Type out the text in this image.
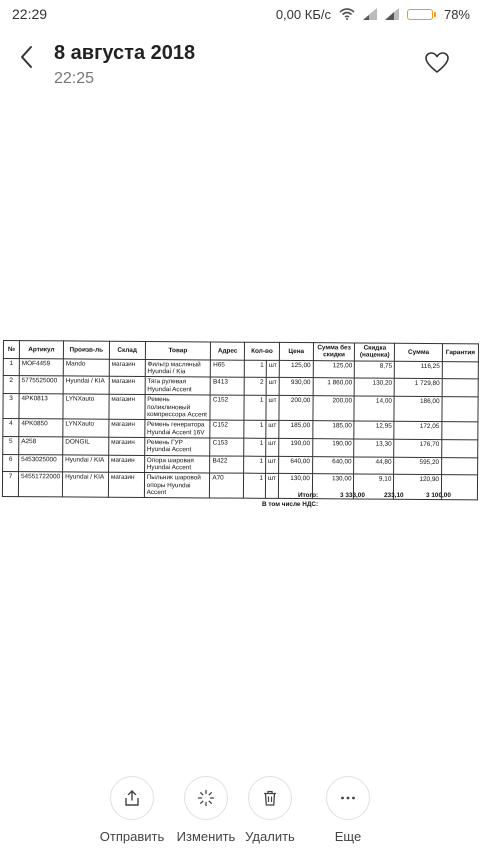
22:29	0,00 КБ/с	78%
8 августа 2018
22:25
№	Артикул	Произв-ль	Склад	Товар	Адрес	Кол-во		Цена	Сумма без скидки	Скидка (наценка)	Сумма	Гарантия
1	MOF4459	Mando	магазин	Фильтр масляный Hyundai / Kia	H65	1	шт	125,00	125,00	8,75	116,25	
2	5775525000	Hyundai / KIA	магазин	Тяга рулевая Hyundai Accent	B413	2	шт	930,00	1 860,00	130,20	1 729,80	
3	4PK0813	LYNXauto	магазин	Ремень поликлиновый компрессора Accent	C152	1	шт	200,00	200,00	14,00	186,00	
4	4PK0850	LYNXauto	магазин	Ремень генератора Hyundai Accent 16V	C152	1	шт	185,00	185,00	12,95	172,05	
5	A258	DONGIL	магазин	Ремень ГУР Hyundai Accent	C153	1	шт	190,00	190,00	13,30	176,70	
6	5453025000	Hyundai / KIA	магазин	Опора шаровая Hyundai Accent	B422	1	шт	640,00	640,00	44,80	595,20	
7	54551722000	Hyundai / KIA	магазин	Пыльник шаровой опоры Hyundai Accent	A70	1	шт	130,00	130,00	9,10	120,90	
Итого:	3 333,00	233,10	3 100,00
В том числе НДС:
Отправить Изменить Удалить	Еще
